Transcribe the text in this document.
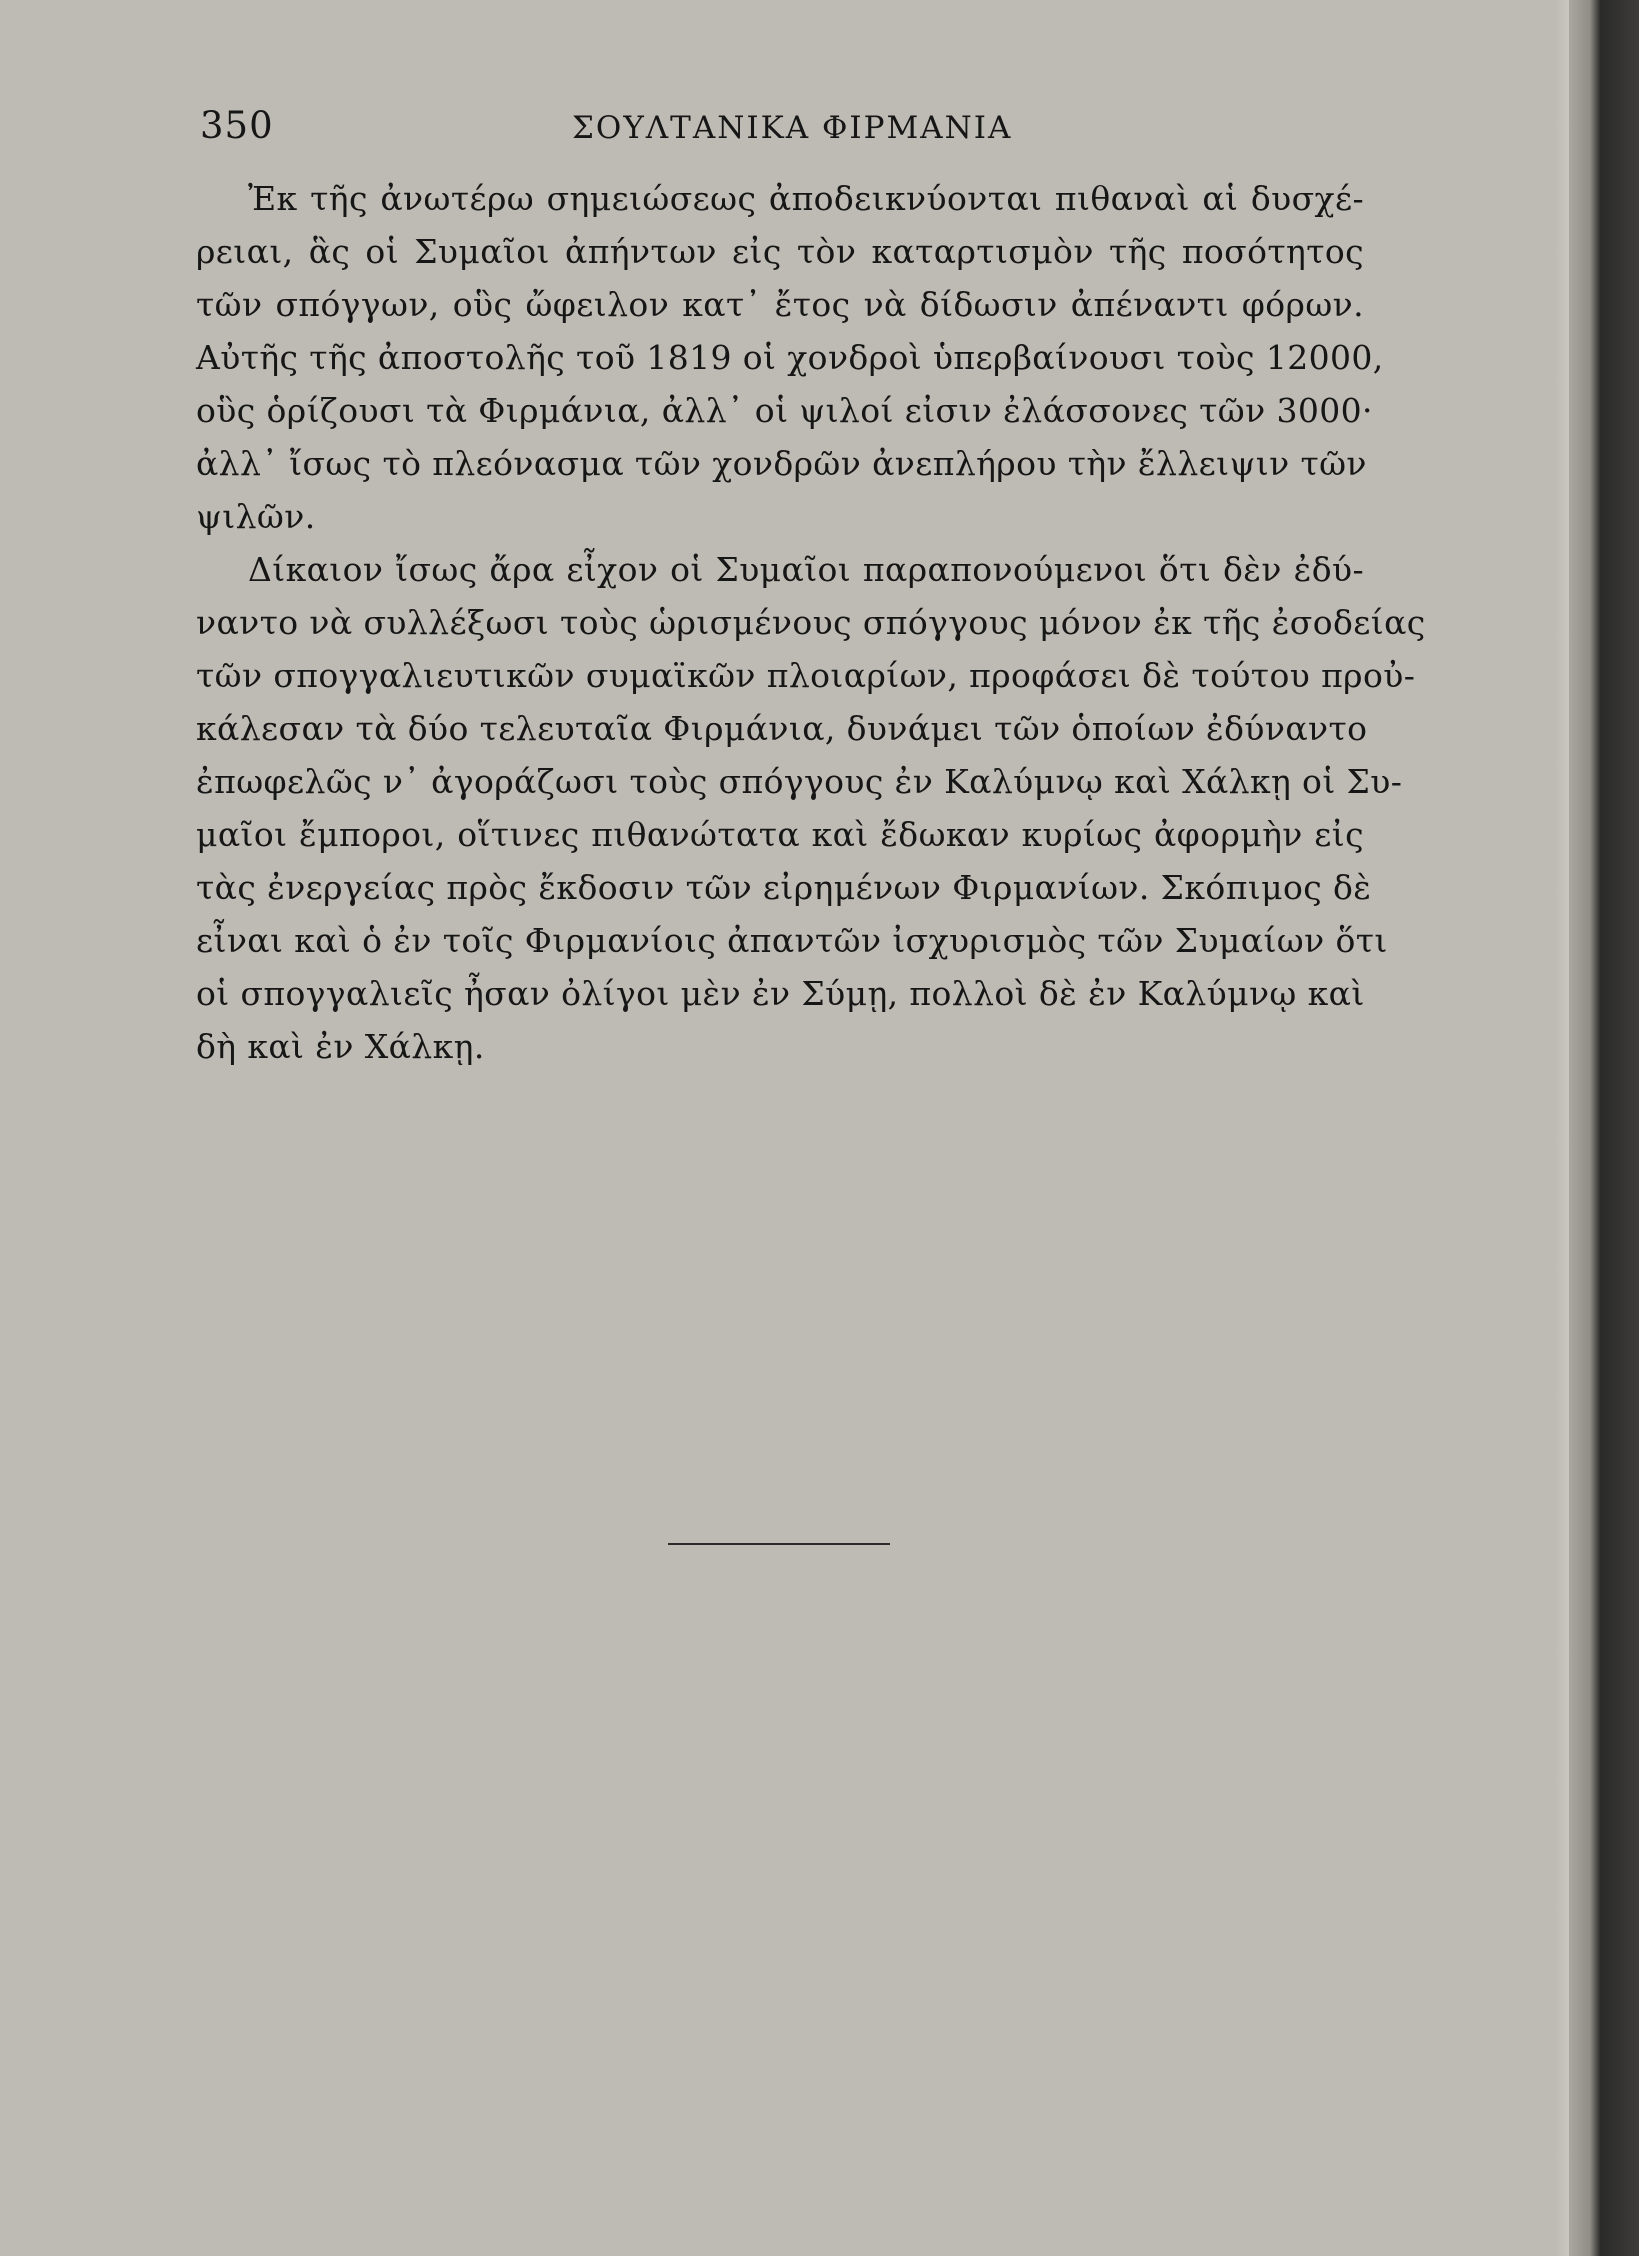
350	ΣΟΥΛΤΑΝΙΚΑ ΦΙΡΜΑΝΙΑ
Ἐκ τῆς ἀνωτέρω σημειώσεως ἀποδεικνύονται πιθαναὶ αἱ δυσχέ-
ρειαι, ἃς οἱ Συμαῖοι ἀπήντων εἰς τὸν καταρτισμὸν τῆς ποσότητος
τῶν σπόγγων, οὓς ὤφειλον κατ᾽ ἔτος νὰ δίδωσιν ἀπέναντι φόρων.
Αὐτῆς τῆς ἀποστολῆς τοῦ 1819 οἱ χονδροὶ ὑπερβαίνουσι τοὺς 12000,
οὓς ὁρίζουσι τὰ Φιρμάνια, ἀλλ᾽ οἱ ψιλοί εἰσιν ἐλάσσονες τῶν 3000·
ἀλλ᾽ ἴσως τὸ πλεόνασμα τῶν χονδρῶν ἀνεπλήρου τὴν ἔλλειψιν τῶν
ψιλῶν.
Δίκαιον ἴσως ἄρα εἶχον οἱ Συμαῖοι παραπονούμενοι ὅτι δὲν ἐδύ-
ναντο νὰ συλλέξωσι τοὺς ὡρισμένους σπόγγους μόνον ἐκ τῆς ἐσοδείας
τῶν σπογγαλιευτικῶν συμαϊκῶν πλοιαρίων, προφάσει δὲ τούτου προὐ-
κάλεσαν τὰ δύο τελευταῖα Φιρμάνια, δυνάμει τῶν ὁποίων ἐδύναντο
ἐπωφελῶς ν᾽ ἀγοράζωσι τοὺς σπόγγους ἐν Καλύμνῳ καὶ Χάλκῃ οἱ Συ-
μαῖοι ἔμποροι, οἵτινες πιθανώτατα καὶ ἔδωκαν κυρίως ἀφορμὴν εἰς
τὰς ἐνεργείας πρὸς ἔκδοσιν τῶν εἰρημένων Φιρμανίων. Σκόπιμος δὲ
εἶναι καὶ ὁ ἐν τοῖς Φιρμανίοις ἀπαντῶν ἰσχυρισμὸς τῶν Συμαίων ὅτι
οἱ σπογγαλιεῖς ἦσαν ὀλίγοι μὲν ἐν Σύμῃ, πολλοὶ δὲ ἐν Καλύμνῳ καὶ
δὴ καὶ ἐν Χάλκῃ.
